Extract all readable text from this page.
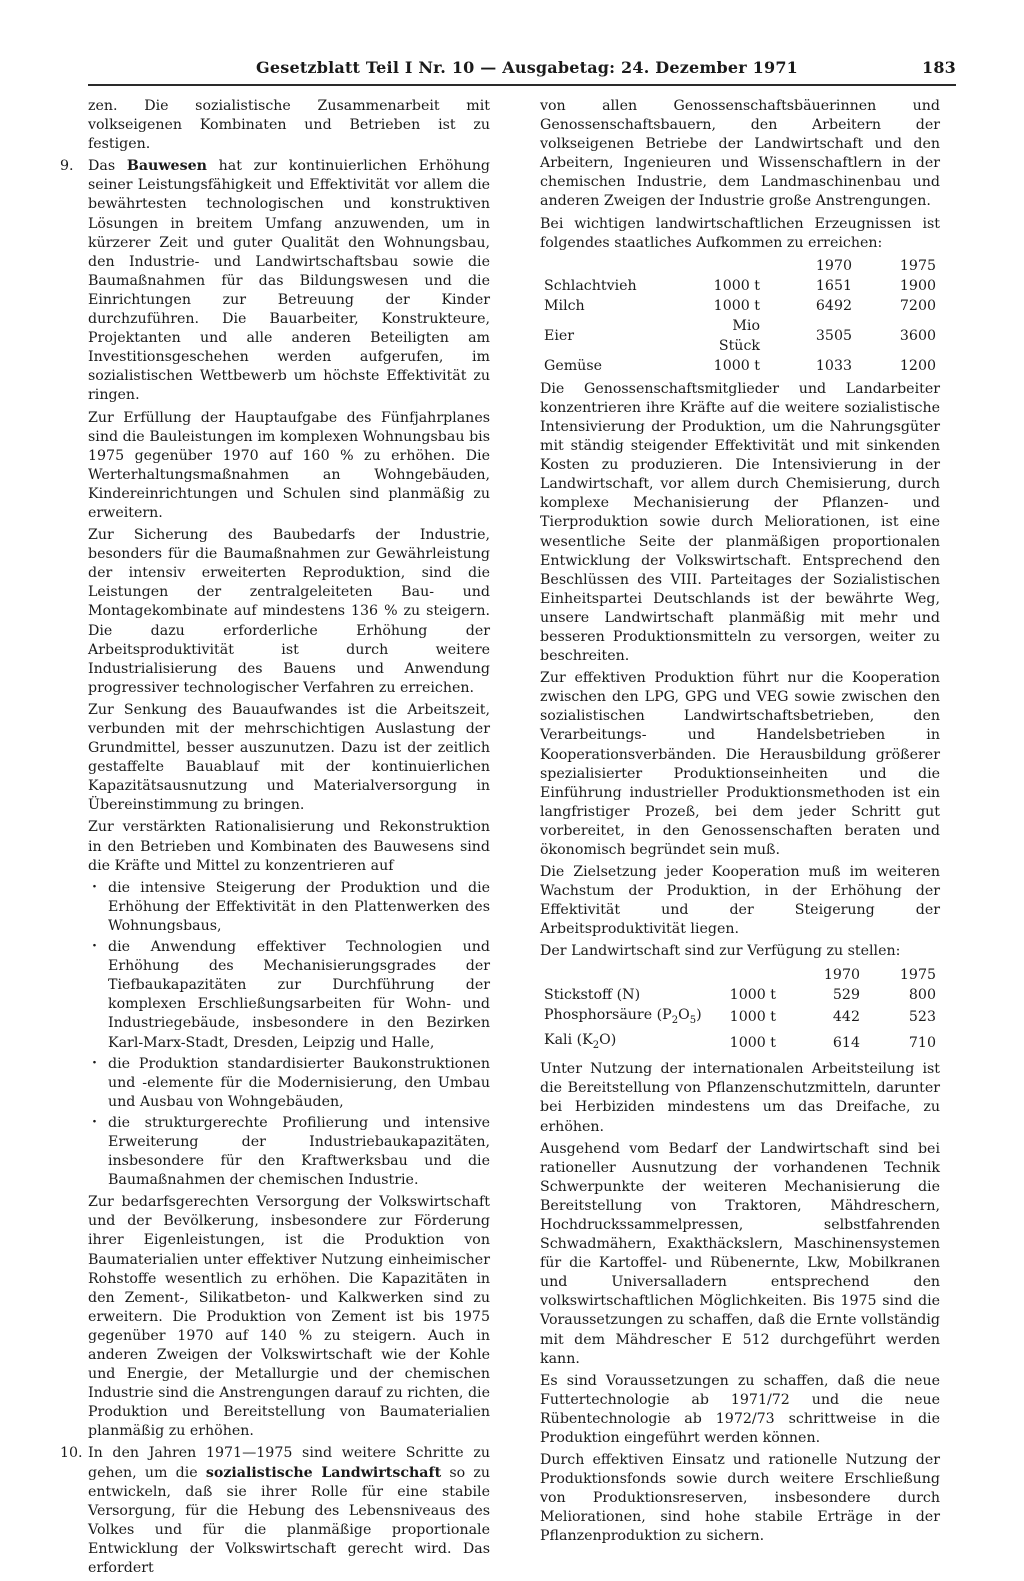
Gesetzblatt Teil I Nr. 10 — Ausgabetag: 24. Dezember 1971	183

zen. Die sozialistische Zusammenarbeit mit volkseigenen Kombinaten und Betrieben ist zu festigen.

9. Das Bauwesen hat zur kontinuierlichen Erhöhung seiner Leistungsfähigkeit und Effektivität vor allem die bewährtesten technologischen und konstruktiven Lösungen in breitem Umfang anzuwenden, um in kürzerer Zeit und guter Qualität den Wohnungsbau, den Industrie- und Landwirtschaftsbau sowie die Baumaßnahmen für das Bildungswesen und die Einrichtungen zur Betreuung der Kinder durchzuführen. Die Bauarbeiter, Konstrukteure, Projektanten und alle anderen Beteiligten am Investitionsgeschehen werden aufgerufen, im sozialistischen Wettbewerb um höchste Effektivität zu ringen.

Zur Erfüllung der Hauptaufgabe des Fünfjahrplanes sind die Bauleistungen im komplexen Wohnungsbau bis 1975 gegenüber 1970 auf 160 % zu erhöhen. Die Werterhaltungsmaßnahmen an Wohngebäuden, Kindereinrichtungen und Schulen sind planmäßig zu erweitern.

Zur Sicherung des Baubedarfs der Industrie, besonders für die Baumaßnahmen zur Gewährleistung der intensiv erweiterten Reproduktion, sind die Leistungen der zentralgeleiteten Bau- und Montagekombinate auf mindestens 136 % zu steigern. Die dazu erforderliche Erhöhung der Arbeitsproduktivität ist durch weitere Industrialisierung des Bauens und Anwendung progressiver technologischer Verfahren zu erreichen.

Zur Senkung des Bauaufwandes ist die Arbeitszeit, verbunden mit der mehrschichtigen Auslastung der Grundmittel, besser auszunutzen. Dazu ist der zeitlich gestaffelte Bauablauf mit der kontinuierlichen Kapazitätsausnutzung und Materialversorgung in Übereinstimmung zu bringen.

Zur verstärkten Rationalisierung und Rekonstruktion in den Betrieben und Kombinaten des Bauwesens sind die Kräfte und Mittel zu konzentrieren auf

· die intensive Steigerung der Produktion und die Erhöhung der Effektivität in den Plattenwerken des Wohnungsbaus,
· die Anwendung effektiver Technologien und Erhöhung des Mechanisierungsgrades der Tiefbaukapazitäten zur Durchführung der komplexen Erschließungsarbeiten für Wohn- und Industriegebäude, insbesondere in den Bezirken Karl-Marx-Stadt, Dresden, Leipzig und Halle,
· die Produktion standardisierter Baukonstruktionen und -elemente für die Modernisierung, den Umbau und Ausbau von Wohngebäuden,
· die strukturgerechte Profilierung und intensive Erweiterung der Industriebaukapazitäten, insbesondere für den Kraftwerksbau und die Baumaßnahmen der chemischen Industrie.

Zur bedarfsgerechten Versorgung der Volkswirtschaft und der Bevölkerung, insbesondere zur Förderung ihrer Eigenleistungen, ist die Produktion von Baumaterialien unter effektiver Nutzung einheimischer Rohstoffe wesentlich zu erhöhen. Die Kapazitäten in den Zement-, Silikatbeton- und Kalkwerken sind zu erweitern. Die Produktion von Zement ist bis 1975 gegenüber 1970 auf 140 % zu steigern. Auch in anderen Zweigen der Volkswirtschaft wie der Kohle und Energie, der Metallurgie und der chemischen Industrie sind die Anstrengungen darauf zu richten, die Produktion und Bereitstellung von Baumaterialien planmäßig zu erhöhen.

10. In den Jahren 1971—1975 sind weitere Schritte zu gehen, um die sozialistische Landwirtschaft so zu entwickeln, daß sie ihrer Rolle für eine stabile Versorgung, für die Hebung des Lebensniveaus des Volkes und für die planmäßige proportionale Entwicklung der Volkswirtschaft gerecht wird. Das erfordert

von allen Genossenschaftsbäuerinnen und Genossenschaftsbauern, den Arbeitern der volkseigenen Betriebe der Landwirtschaft und den Arbeitern, Ingenieuren und Wissenschaftlern in der chemischen Industrie, dem Landmaschinenbau und anderen Zweigen der Industrie große Anstrengungen.

Bei wichtigen landwirtschaftlichen Erzeugnissen ist folgendes staatliches Aufkommen zu erreichen:

		1970	1975
Schlachtvieh	1000 t	1651	1900
Milch	1000 t	6492	7200
Eier	Mio Stück	3505	3600
Gemüse	1000 t	1033	1200

Die Genossenschaftsmitglieder und Landarbeiter konzentrieren ihre Kräfte auf die weitere sozialistische Intensivierung der Produktion, um die Nahrungsgüter mit ständig steigender Effektivität und mit sinkenden Kosten zu produzieren. Die Intensivierung in der Landwirtschaft, vor allem durch Chemisierung, durch komplexe Mechanisierung der Pflanzen- und Tierproduktion sowie durch Meliorationen, ist eine wesentliche Seite der planmäßigen proportionalen Entwicklung der Volkswirtschaft. Entsprechend den Beschlüssen des VIII. Parteitages der Sozialistischen Einheitspartei Deutschlands ist der bewährte Weg, unsere Landwirtschaft planmäßig mit mehr und besseren Produktionsmitteln zu versorgen, weiter zu beschreiten.

Zur effektiven Produktion führt nur die Kooperation zwischen den LPG, GPG und VEG sowie zwischen den sozialistischen Landwirtschaftsbetrieben, den Verarbeitungs- und Handelsbetrieben in Kooperationsverbänden. Die Herausbildung größerer spezialisierter Produktionseinheiten und die Einführung industrieller Produktionsmethoden ist ein langfristiger Prozeß, bei dem jeder Schritt gut vorbereitet, in den Genossenschaften beraten und ökonomisch begründet sein muß.

Die Zielsetzung jeder Kooperation muß im weiteren Wachstum der Produktion, in der Erhöhung der Effektivität und der Steigerung der Arbeitsproduktivität liegen.

Der Landwirtschaft sind zur Verfügung zu stellen:

		1970	1975
Stickstoff (N)	1000 t	529	800
Phosphorsäure $(P_2O_5)$	1000 t	442	523
Kali $(K_2O)$	1000 t	614	710

Unter Nutzung der internationalen Arbeitsteilung ist die Bereitstellung von Pflanzenschutzmitteln, darunter bei Herbiziden mindestens um das Dreifache, zu erhöhen.

Ausgehend vom Bedarf der Landwirtschaft sind bei rationeller Ausnutzung der vorhandenen Technik Schwerpunkte der weiteren Mechanisierung die Bereitstellung von Traktoren, Mähdreschern, Hochdruckssammelpressen, selbstfahrenden Schwadmähern, Exakthäckslern, Maschinensystemen für die Kartoffel- und Rübenernte, Lkw, Mobilkranen und Universalladern entsprechend den volkswirtschaftlichen Möglichkeiten. Bis 1975 sind die Voraussetzungen zu schaffen, daß die Ernte vollständig mit dem Mähdrescher E 512 durchgeführt werden kann.

Es sind Voraussetzungen zu schaffen, daß die neue Futtertechnologie ab 1971/72 und die neue Rübentechnologie ab 1972/73 schrittweise in die Produktion eingeführt werden können.

Durch effektiven Einsatz und rationelle Nutzung der Produktionsfonds sowie durch weitere Erschließung von Produktionsreserven, insbesondere durch Meliorationen, sind hohe stabile Erträge in der Pflanzenproduktion zu sichern.
